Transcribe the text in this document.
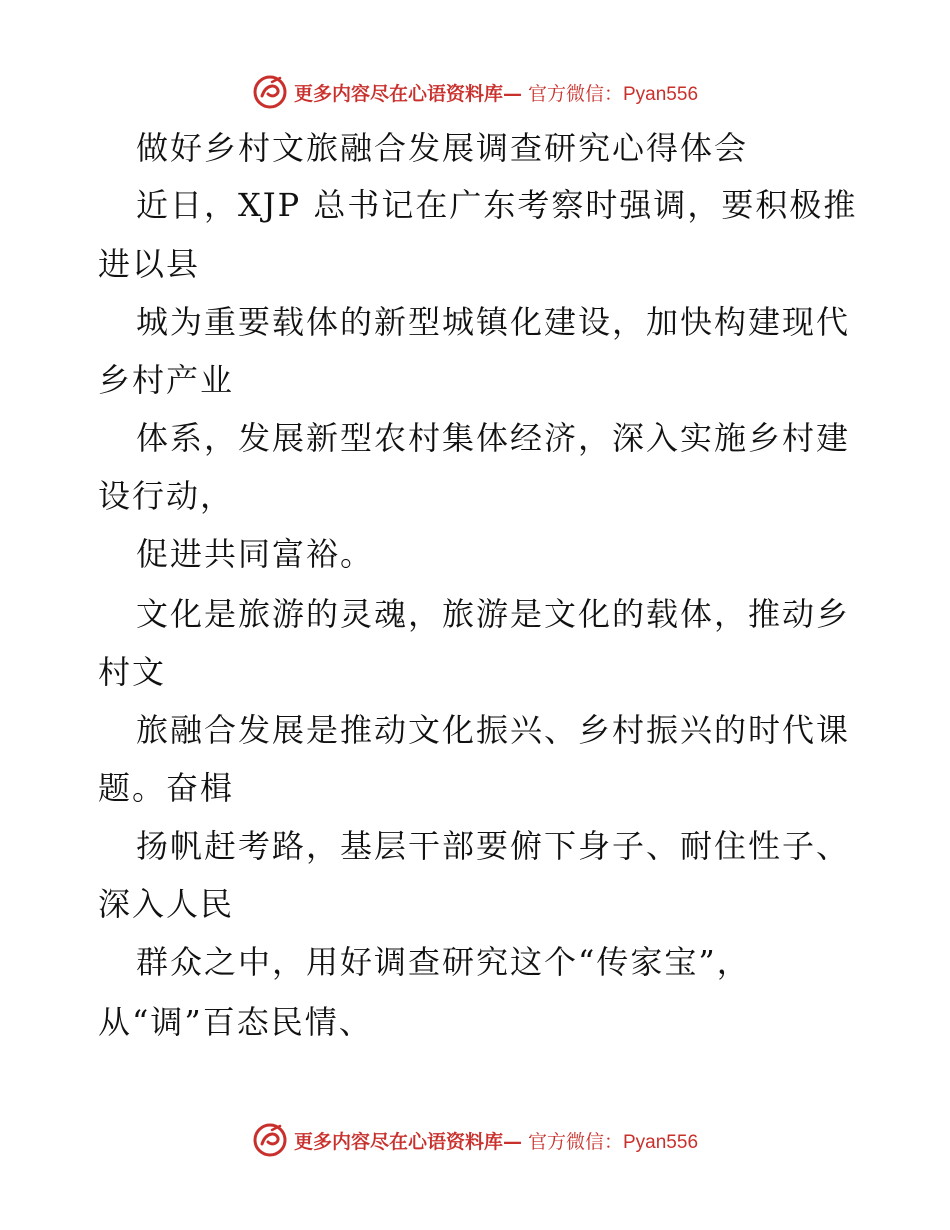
更多内容尽在心语资料库— 官方微信：Pyan556
做好乡村文旅融合发展调查研究心得体会
近日，XJP 总书记在广东考察时强调，要积极推
进以县
城为重要载体的新型城镇化建设，加快构建现代
乡村产业
体系，发展新型农村集体经济，深入实施乡村建
设行动，
促进共同富裕。
文化是旅游的灵魂，旅游是文化的载体，推动乡
村文
旅融合发展是推动文化振兴、乡村振兴的时代课
题。奋楫
扬帆赶考路，基层干部要俯下身子、耐住性子、
深入人民
群众之中，用好调查研究这个“传家宝”，
从“调”百态民情、
更多内容尽在心语资料库— 官方微信：Pyan556
